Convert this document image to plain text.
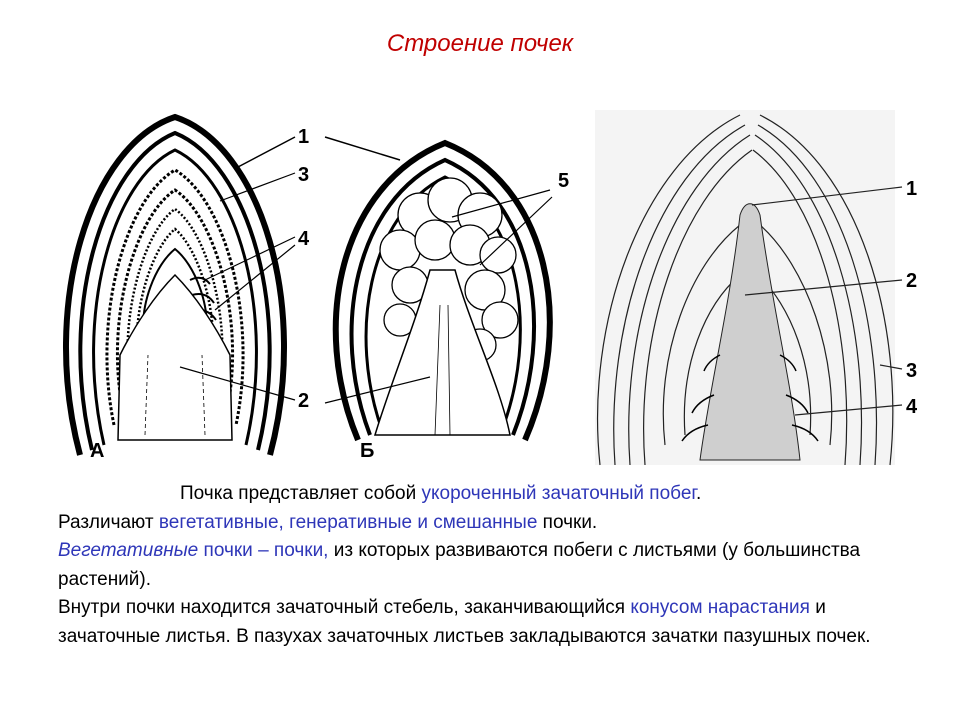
Строение почек
1
3
4
2
А
5
Б
1
2
3
4

Почка представляет собой укороченный зачаточный побег.

Различают вегетативные, генеративные и смешанные почки.

Вегетативные почки – почки, из которых развиваются побеги с листьями (у большинства растений).

Внутри почки находится зачаточный стебель, заканчивающийся конусом нарастания и зачаточные листья. В пазухах зачаточных листьев закладываются зачатки пазушных почек.
